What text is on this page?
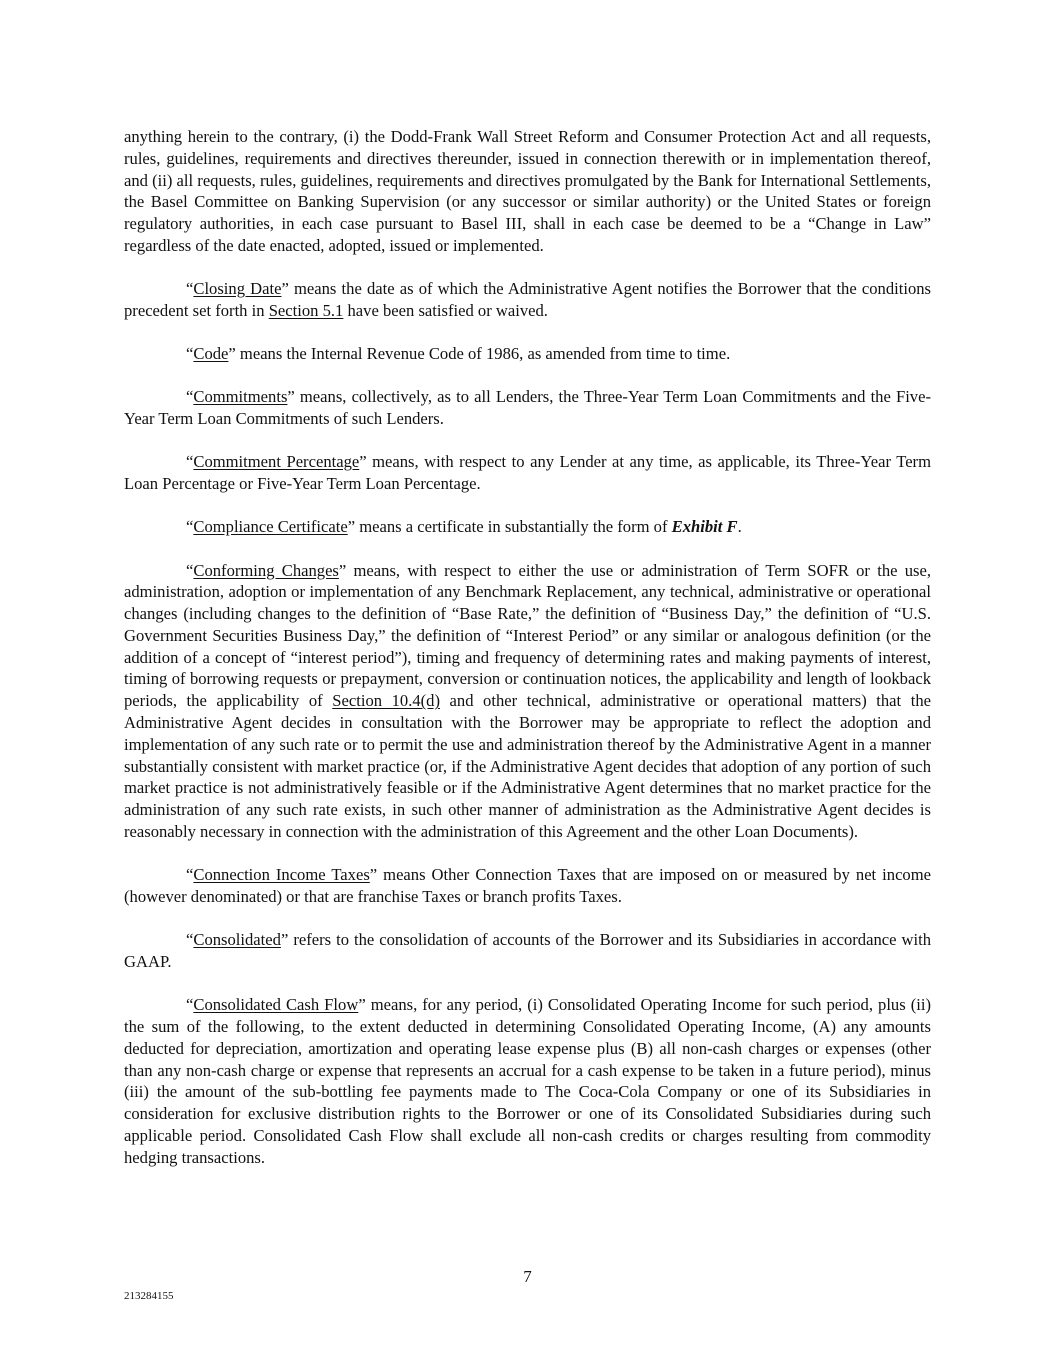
anything herein to the contrary, (i) the Dodd-Frank Wall Street Reform and Consumer Protection Act and all requests, rules, guidelines, requirements and directives thereunder, issued in connection therewith or in implementation thereof, and (ii) all requests, rules, guidelines, requirements and directives promulgated by the Bank for International Settlements, the Basel Committee on Banking Supervision (or any successor or similar authority) or the United States or foreign regulatory authorities, in each case pursuant to Basel III, shall in each case be deemed to be a “Change in Law” regardless of the date enacted, adopted, issued or implemented.

“Closing Date” means the date as of which the Administrative Agent notifies the Borrower that the conditions precedent set forth in Section 5.1 have been satisfied or waived.

“Code” means the Internal Revenue Code of 1986, as amended from time to time.

“Commitments” means, collectively, as to all Lenders, the Three-Year Term Loan Commitments and the Five-Year Term Loan Commitments of such Lenders.

“Commitment Percentage” means, with respect to any Lender at any time, as applicable, its Three-Year Term Loan Percentage or Five-Year Term Loan Percentage.

“Compliance Certificate” means a certificate in substantially the form of Exhibit F.

“Conforming Changes” means, with respect to either the use or administration of Term SOFR or the use, administration, adoption or implementation of any Benchmark Replacement, any technical, administrative or operational changes (including changes to the definition of “Base Rate,” the definition of “Business Day,” the definition of “U.S. Government Securities Business Day,” the definition of “Interest Period” or any similar or analogous definition (or the addition of a concept of “interest period”), timing and frequency of determining rates and making payments of interest, timing of borrowing requests or prepayment, conversion or continuation notices, the applicability and length of lookback periods, the applicability of Section 10.4(d) and other technical, administrative or operational matters) that the Administrative Agent decides in consultation with the Borrower may be appropriate to reflect the adoption and implementation of any such rate or to permit the use and administration thereof by the Administrative Agent in a manner substantially consistent with market practice (or, if the Administrative Agent decides that adoption of any portion of such market practice is not administratively feasible or if the Administrative Agent determines that no market practice for the administration of any such rate exists, in such other manner of administration as the Administrative Agent decides is reasonably necessary in connection with the administration of this Agreement and the other Loan Documents).

“Connection Income Taxes” means Other Connection Taxes that are imposed on or measured by net income (however denominated) or that are franchise Taxes or branch profits Taxes.

“Consolidated” refers to the consolidation of accounts of the Borrower and its Subsidiaries in accordance with GAAP.

“Consolidated Cash Flow” means, for any period, (i) Consolidated Operating Income for such period, plus (ii) the sum of the following, to the extent deducted in determining Consolidated Operating Income, (A) any amounts deducted for depreciation, amortization and operating lease expense plus (B) all non-cash charges or expenses (other than any non-cash charge or expense that represents an accrual for a cash expense to be taken in a future period), minus (iii) the amount of the sub-bottling fee payments made to The Coca-Cola Company or one of its Subsidiaries in consideration for exclusive distribution rights to the Borrower or one of its Consolidated Subsidiaries during such applicable period. Consolidated Cash Flow shall exclude all non-cash credits or charges resulting from commodity hedging transactions.

7
213284155
